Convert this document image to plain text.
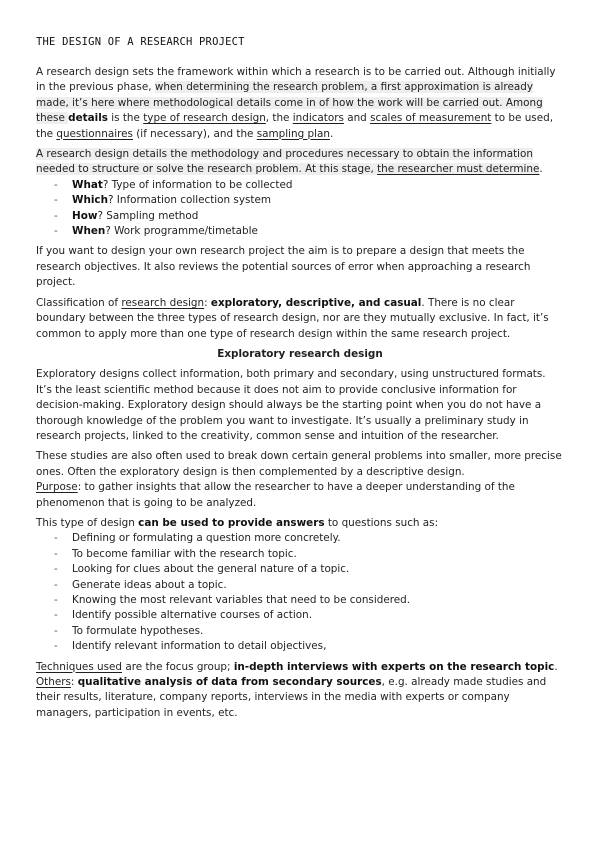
THE DESIGN OF A RESEARCH PROJECT

A research design sets the framework within which a research is to be carried out. Although initially in the previous phase, when determining the research problem, a first approximation is already made, it’s here where methodological details come in of how the work will be carried out. Among these details is the type of research design, the indicators and scales of measurement to be used, the questionnaires (if necessary), and the sampling plan.

A research design details the methodology and procedures necessary to obtain the information needed to structure or solve the research problem. At this stage, the researcher must determine.

- What? Type of information to be collected
- Which? Information collection system
- How? Sampling method
- When? Work programme/timetable

If you want to design your own research project the aim is to prepare a design that meets the research objectives. It also reviews the potential sources of error when approaching a research project.

Classification of research design: exploratory, descriptive, and casual. There is no clear boundary between the three types of research design, nor are they mutually exclusive. In fact, it’s common to apply more than one type of research design within the same research project.

Exploratory research design

Exploratory designs collect information, both primary and secondary, using unstructured formats. It’s the least scientific method because it does not aim to provide conclusive information for decision-making. Exploratory design should always be the starting point when you do not have a thorough knowledge of the problem you want to investigate. It’s usually a preliminary study in research projects, linked to the creativity, common sense and intuition of the researcher.

These studies are also often used to break down certain general problems into smaller, more precise ones. Often the exploratory design is then complemented by a descriptive design.

Purpose: to gather insights that allow the researcher to have a deeper understanding of the phenomenon that is going to be analyzed.

This type of design can be used to provide answers to questions such as:

- Defining or formulating a question more concretely.
- To become familiar with the research topic.
- Looking for clues about the general nature of a topic.
- Generate ideas about a topic.
- Knowing the most relevant variables that need to be considered.
- Identify possible alternative courses of action.
- To formulate hypotheses.
- Identify relevant information to detail objectives,

Techniques used are the focus group; in-depth interviews with experts on the research topic.

Others: qualitative analysis of data from secondary sources, e.g. already made studies and their results, literature, company reports, interviews in the media with experts or company managers, participation in events, etc.
